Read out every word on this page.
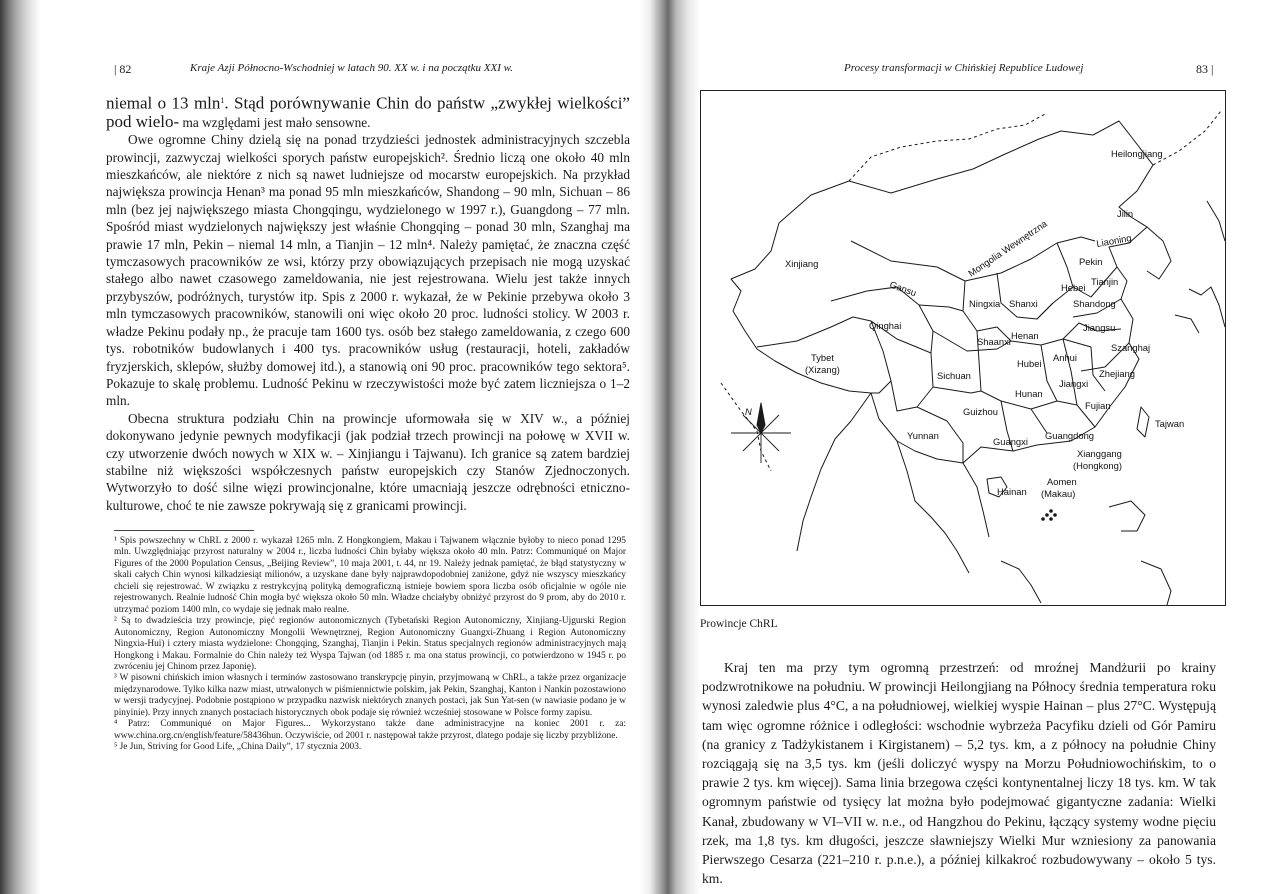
| 82	Kraje Azji Północno-Wschodniej w latach 90. XX w. i na początku XXI w.

niemal o 13 mln$^1$. Stąd porównywanie Chin do państw „zwykłej wielkości” pod wielo- ma względami jest mało sensowne.

Owe ogromne Chiny dzielą się na ponad trzydzieści jednostek administracyjnych szczebla prowincji, zazwyczaj wielkości sporych państw europejskich². Średnio liczą one około 40 mln mieszkańców, ale niektóre z nich są nawet ludniejsze od mocarstw europejskich. Na przykład największa prowincja Henan³ ma ponad 95 mln mieszkańców, Shandong – 90 mln, Sichuan – 86 mln (bez jej największego miasta Chongqingu, wydzielonego w 1997 r.), Guangdong – 77 mln. Spośród miast wydzielonych największy jest właśnie Chongqing – ponad 30 mln, Szanghaj ma prawie 17 mln, Pekin – niemal 14 mln, a Tianjin – 12 mln⁴. Należy pamiętać, że znaczna część tymczasowych pracowników ze wsi, którzy przy obowiązujących przepisach nie mogą uzyskać stałego albo nawet czasowego zameldowania, nie jest rejestrowana. Wielu jest także innych przybyszów, podróżnych, turystów itp. Spis z 2000 r. wykazał, że w Pekinie przebywa około 3 mln tymczasowych pracowników, stanowili oni więc około 20 proc. ludności stolicy. W 2003 r. władze Pekinu podały np., że pracuje tam 1600 tys. osób bez stałego zameldowania, z czego 600 tys. robotników budowlanych i 400 tys. pracowników usług (restauracji, hoteli, zakładów fryzjerskich, sklepów, służby domowej itd.), a stanowią oni 90 proc. pracowników tego sektora⁵. Pokazuje to skalę problemu. Ludność Pekinu w rzeczywistości może być zatem liczniejsza o 1–2 mln.

Obecna struktura podziału Chin na prowincje uformowała się w XIV w., a później dokonywano jedynie pewnych modyfikacji (jak podział trzech prowincji na połowę w XVII w. czy utworzenie dwóch nowych w XIX w. – Xinjiangu i Tajwanu). Ich granice są zatem bardziej stabilne niż większości współczesnych państw europejskich czy Stanów Zjednoczonych. Wytworzyło to dość silne więzi prowincjonalne, które umacniają jeszcze odrębności etniczno-kulturowe, choć te nie zawsze pokrywają się z granicami prowincji.

¹ Spis powszechny w ChRL z 2000 r. wykazał 1265 mln. Z Hongkongiem, Makau i Tajwanem włącznie byłoby to nieco ponad 1295 mln. Uwzględniając przyrost naturalny w 2004 r., liczba ludności Chin byłaby większa około 40 mln. Patrz: Communiqué on Major Figures of the 2000 Population Census, „Beijing Review”, 10 maja 2001, t. 44, nr 19. Należy jednak pamiętać, że błąd statystyczny w skali całych Chin wynosi kilkadziesiąt milionów, a uzyskane dane były najprawdopodobniej zaniżone, gdyż nie wszyscy mieszkańcy chcieli się rejestrować. W związku z restrykcyjną polityką demograficzną istnieje bowiem spora liczba osób oficjalnie w ogóle nie rejestrowanych. Realnie ludność Chin mogła być większa około 50 mln. Władze chciałyby obniżyć przyrost do 9 prom, aby do 2010 r. utrzymać poziom 1400 mln, co wydaje się jednak mało realne.

² Są to dwadzieścia trzy prowincje, pięć regionów autonomicznych (Tybetański Region Autonomiczny, Xinjiang-Ujgurski Region Autonomiczny, Region Autonomiczny Mongolii Wewnętrznej, Region Autonomiczny Guangxi-Zhuang i Region Autonomiczny Ningxia-Hui) i cztery miasta wydzielone: Chongqing, Szanghaj, Tianjin i Pekin. Status specjalnych regionów administracyjnych mają Hongkong i Makau. Formalnie do Chin należy też Wyspa Tajwan (od 1885 r. ma ona status prowincji, co potwierdzono w 1945 r. po zwróceniu jej Chinom przez Japonię).

³ W pisowni chińskich imion własnych i terminów zastosowano transkrypcję pinyin, przyjmowaną w ChRL, a także przez organizacje międzynarodowe. Tylko kilka nazw miast, utrwalonych w piśmiennictwie polskim, jak Pekin, Szanghaj, Kanton i Nankin pozostawiono w wersji tradycyjnej. Podobnie postąpiono w przypadku nazwisk niektórych znanych postaci, jak Sun Yat-sen (w nawiasie podano je w pinyinie). Przy innych znanych postaciach historycznych obok podaje się również wcześniej stosowane w Polsce formy zapisu.

⁴ Patrz: Communiqué on Major Figures... Wykorzystano także dane administracyjne na koniec 2001 r. za: www.china.org.cn/english/feature/58436hun. Oczywiście, od 2001 r. następował także przyrost, dlatego podaje się liczby przybliżone.

⁵ Je Jun, Striving for Good Life, „China Daily”, 17 stycznia 2003.

Procesy transformacji w Chińskiej Republice Ludowej	83 |
N
Heilongjiang
Jilin
Liaoning
Mongolia Wewnętrzna	Pekin
Tianjin
Hebei
Shandong
Xinjiang
Gansu
Ningxia Shanxi
Qinghai
Shaanxi
Henan
Jiangsu
Szanghaj
Anhui
Tybet
(Xizang)
Sichuan
Hubei
Zhejiang
Jiangxi
Hunan
Fujian
Guizhou
Tajwan
Yunnan
Guangxi
Guangdong
Xianggang
(Hongkong)
Aomen
(Makau)
Hainan
Prowincje ChRL

Kraj ten ma przy tym ogromną przestrzeń: od mroźnej Mandżurii po krainy podzwrotnikowe na południu. W prowincji Heilongjiang na Północy średnia temperatura roku wynosi zaledwie plus 4°C, a na południowej, wielkiej wyspie Hainan – plus 27°C. Występują tam więc ogromne różnice i odległości: wschodnie wybrzeża Pacyfiku dzieli od Gór Pamiru (na granicy z Tadżykistanem i Kirgistanem) – 5,2 tys. km, a z północy na południe Chiny rozciągają się na 3,5 tys. km (jeśli doliczyć wyspy na Morzu Południowochińskim, to o prawie 2 tys. km więcej). Sama linia brzegowa części kontynentalnej liczy 18 tys. km. W tak ogromnym państwie od tysięcy lat można było podejmować gigantyczne zadania: Wielki Kanał, zbudowany w VI–VII w. n.e., od Hangzhou do Pekinu, łączący systemy wodne pięciu rzek, ma 1,8 tys. km długości, jeszcze sławniejszy Wielki Mur wzniesiony za panowania Pierwszego Cesarza (221–210 r. p.n.e.), a później kilkakroć rozbudowywany – około 5 tys. km.
